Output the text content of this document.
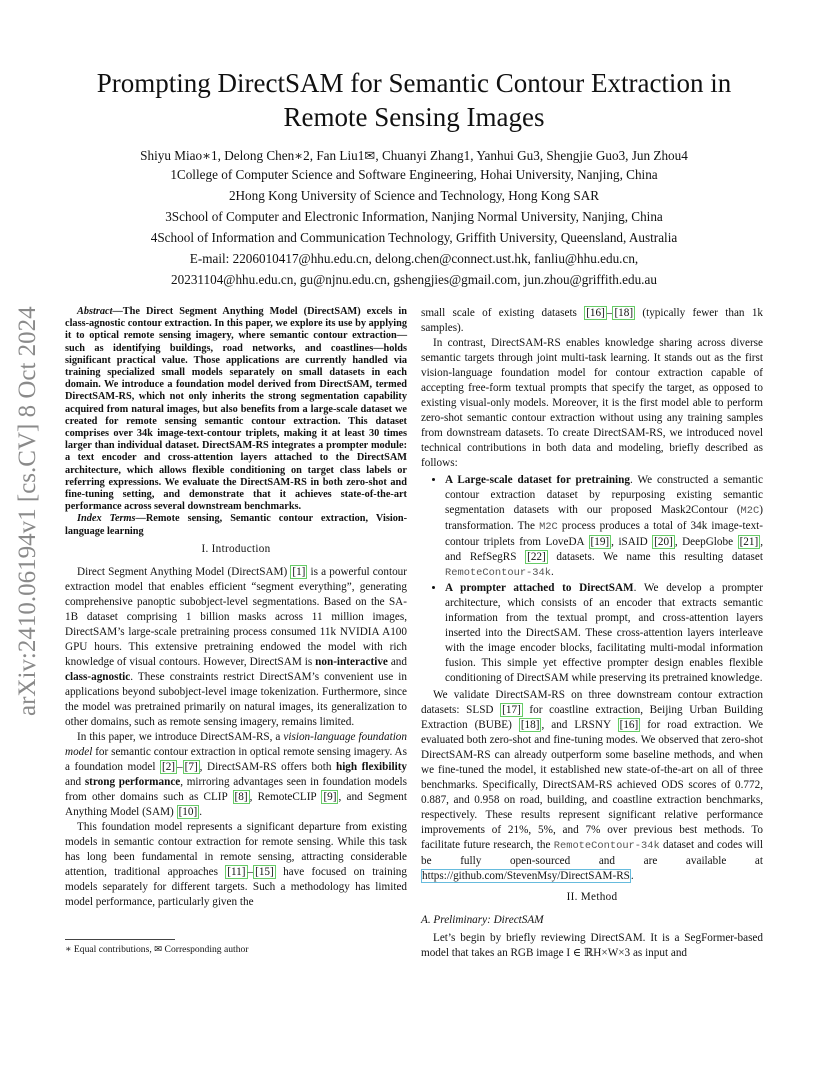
Prompting DirectSAM for Semantic Contour Extraction in Remote Sensing Images
Shiyu Miao∗1, Delong Chen∗2, Fan Liu1✉, Chuanyi Zhang1, Yanhui Gu3, Shengjie Guo3, Jun Zhou4
1College of Computer Science and Software Engineering, Hohai University, Nanjing, China
2Hong Kong University of Science and Technology, Hong Kong SAR
3School of Computer and Electronic Information, Nanjing Normal University, Nanjing, China
4School of Information and Communication Technology, Griffith University, Queensland, Australia
E-mail: 2206010417@hhu.edu.cn, delong.chen@connect.ust.hk, fanliu@hhu.edu.cn,
20231104@hhu.edu.cn, gu@njnu.edu.cn, gshengjies@gmail.com, jun.zhou@griffith.edu.au
arXiv:2410.06194v1 [cs.CV] 8 Oct 2024	Abstract—The Direct Segment Anything Model (DirectSAM) excels in class-agnostic contour extraction. In this paper, we explore its use by applying it to optical remote sensing imagery, where semantic contour extraction—such as identifying buildings, road networks, and coastlines—holds significant practical value. Those applications are currently handled via training specialized small models separately on small datasets in each domain. We introduce a foundation model derived from DirectSAM, termed DirectSAM-RS, which not only inherits the strong segmentation capability acquired from natural images, but also benefits from a large-scale dataset we created for remote sensing semantic contour extraction. This dataset comprises over 34k image-text-contour triplets, making it at least 30 times larger than individual dataset. DirectSAM-RS integrates a prompter module: a text encoder and cross-attention layers attached to the DirectSAM architecture, which allows flexible conditioning on target class labels or referring expressions. We evaluate the DirectSAM-RS in both zero-shot and fine-tuning setting, and demonstrate that it achieves state-of-the-art performance across several downstream benchmarks.

Index Terms—Remote sensing, Semantic contour extraction, Vision-language learning

I. Introduction

Direct Segment Anything Model (DirectSAM) [1] is a powerful contour extraction model that enables efficient “segment everything”, generating comprehensive panoptic subobject-level segmentations. Based on the SA-1B dataset comprising 1 billion masks across 11 million images, DirectSAM’s large-scale pretraining process consumed 11k NVIDIA A100 GPU hours. This extensive pretraining endowed the model with rich knowledge of visual contours. However, DirectSAM is non-interactive and class-agnostic. These constraints restrict DirectSAM’s convenient use in applications beyond subobject-level image tokenization. Furthermore, since the model was pretrained primarily on natural images, its generalization to other domains, such as remote sensing imagery, remains limited.

In this paper, we introduce DirectSAM-RS, a vision-language foundation model for semantic contour extraction in optical remote sensing imagery. As a foundation model [2] – [7] , DirectSAM-RS offers both high flexibility and strong performance, mirroring advantages seen in foundation models from other domains such as CLIP [8] , RemoteCLIP [9] , and Segment Anything Model (SAM) [10] .

This foundation model represents a significant departure from existing models in semantic contour extraction for remote sensing. While this task has long been fundamental in remote sensing, attracting considerable attention, traditional approaches [11] – [15] have focused on training models separately for different targets. Such a methodology has limited model performance, particularly given the

∗ Equal contributions, ✉ Corresponding author

small scale of existing datasets [16] – [18] (typically fewer than 1k samples).

In contrast, DirectSAM-RS enables knowledge sharing across diverse semantic targets through joint multi-task learning. It stands out as the first vision-language foundation model for contour extraction capable of accepting free-form textual prompts that specify the target, as opposed to existing visual-only models. Moreover, it is the first model able to perform zero-shot semantic contour extraction without using any training samples from downstream datasets. To create DirectSAM-RS, we introduced novel technical contributions in both data and modeling, briefly described as follows:

• A Large-scale dataset for pretraining. We constructed a semantic contour extraction dataset by repurposing existing semantic segmentation datasets with our proposed Mask2Contour (M2C) transformation. The M2C process produces a total of 34k image-text-contour triplets from LoveDA [19] , iSAID [20] , DeepGlobe [21] , and RefSegRS [22] datasets. We name this resulting dataset RemoteContour-34k.
• A prompter attached to DirectSAM. We develop a prompter architecture, which consists of an encoder that extracts semantic information from the textual prompt, and cross-attention layers inserted into the DirectSAM. These cross-attention layers interleave with the image encoder blocks, facilitating multi-modal information fusion. This simple yet effective prompter design enables flexible conditioning of DirectSAM while preserving its pretrained knowledge.

We validate DirectSAM-RS on three downstream contour extraction datasets: SLSD [17] for coastline extraction, Beijing Urban Building Extraction (BUBE) [18] , and LRSNY [16] for road extraction. We evaluated both zero-shot and fine-tuning modes. We observed that zero-shot DirectSAM-RS can already outperform some baseline methods, and when we fine-tuned the model, it established new state-of-the-art on all of three benchmarks. Specifically, DirectSAM-RS achieved ODS scores of 0.772, 0.887, and 0.958 on road, building, and coastline extraction benchmarks, respectively. These results represent significant relative performance improvements of 21%, 5%, and 7% over previous best methods. To facilitate future research, the RemoteContour-34k dataset and codes will be fully open-sourced and are available at https://github.com/StevenMsy/DirectSAM-RS.

II. Method
A. Preliminary: DirectSAM

Let’s begin by briefly reviewing DirectSAM. It is a SegFormer-based model that takes an RGB image I ∈ ℝH×W×3 as input and
